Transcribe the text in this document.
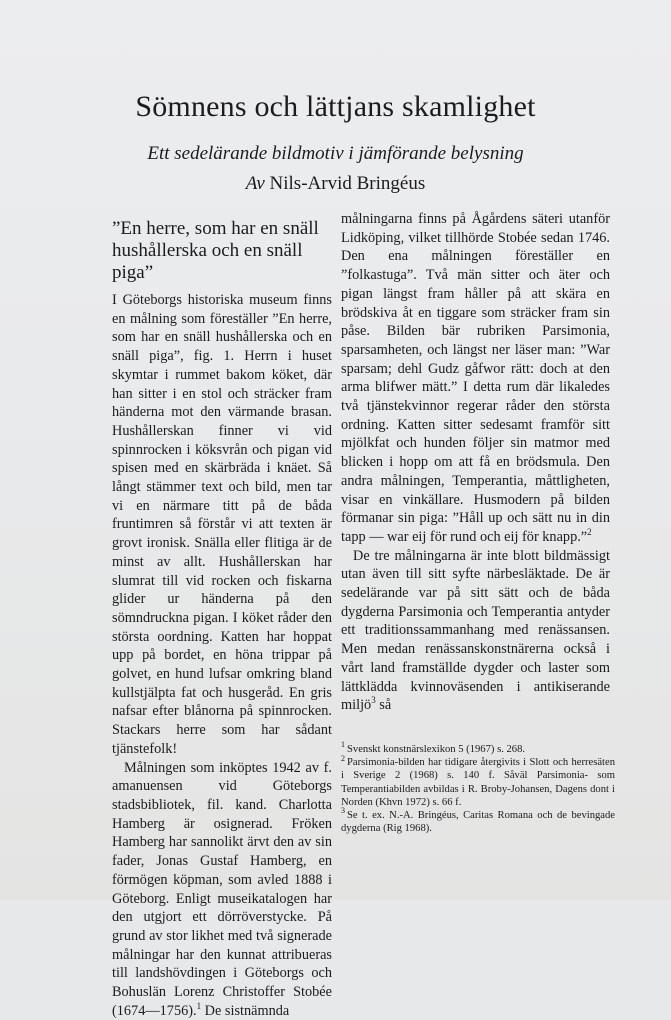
Sömnens och lättjans skamlighet
Ett sedelärande bildmotiv i jämförande belysning
Av Nils-Arvid Bringéus
”En herre, som har en snäll hushållerska och en snäll piga”

I Göteborgs historiska museum finns en målning som föreställer ”En herre, som har en snäll hushållerska och en snäll piga”, fig. 1. Herrn i huset skymtar i rummet bakom köket, där han sitter i en stol och sträcker fram händerna mot den värmande brasan. Hushållerskan finner vi vid spinnrocken i köksvrån och pigan vid spisen med en skärbräda i knäet. Så långt stämmer text och bild, men tar vi en närmare titt på de båda fruntimren så förstår vi att texten är grovt ironisk. Snälla eller flitiga är de minst av allt. Hushållerskan har slumrat till vid rocken och fiskarna glider ur händerna på den sömndruckna pigan. I köket råder den största oordning. Katten har hoppat upp på bordet, en höna trippar på golvet, en hund lufsar omkring bland kullstjälpta fat och husgeråd. En gris nafsar efter blånorna på spinnrocken. Stackars herre som har sådant tjänstefolk!

Målningen som inköptes 1942 av f. amanuensen vid Göteborgs stadsbibliotek, fil. kand. Charlotta Hamberg är osignerad. Fröken Hamberg har sannolikt ärvt den av sin fader, Jonas Gustaf Hamberg, en förmögen köpman, som avled 1888 i Göteborg. Enligt museikatalogen har den utgjort ett dörröverstycke. På grund av stor likhet med två signerade målningar har den kunnat attribueras till landshövdingen i Göteborgs och Bohuslän Lorenz Christoffer Stobée (1674—1756).$^1$ De sistnämnda

målningarna finns på Ågårdens säteri utanför Lidköping, vilket tillhörde Stobée sedan 1746. Den ena målningen föreställer en ”folkastuga”. Två män sitter och äter och pigan längst fram håller på att skära en brödskiva åt en tiggare som sträcker fram sin påse. Bilden bär rubriken Parsimonia, sparsamheten, och längst ner läser man: ”War sparsam; dehl Gudz gåfwor rätt: doch at den arma blifwer mätt.” I detta rum där likaledes två tjänstekvinnor regerar råder den största ordning. Katten sitter sedesamt framför sitt mjölkfat och hunden följer sin matmor med blicken i hopp om att få en brödsmula. Den andra målningen, Temperantia, måttligheten, visar en vinkällare. Husmodern på bilden förmanar sin piga: ”Håll up och sätt nu in din tapp — war eij för rund och eij för knapp.”$^2$

De tre målningarna är inte blott bildmässigt utan även till sitt syfte närbesläktade. De är sedelärande var på sitt sätt och de båda dygderna Parsimonia och Temperantia antyder ett traditionssammanhang med renässansen. Men medan renässanskonstnärerna också i vårt land framställde dygder och laster som lättklädda kvinnoväsenden i antikiserande miljö$^3$ så

$^1$ Svenskt konstnärslexikon 5 (1967) s. 268.

$^2$ Parsimonia-bilden har tidigare återgivits i Slott och herresäten i Sverige 2 (1968) s. 140 f. Såväl Parsimonia- som Temperantiabilden avbildas i R. Broby-Johansen, Dagens dont i Norden (Khvn 1972) s. 66 f.

$^3$ Se t. ex. N.-A. Bringéus, Caritas Romana och de bevingade dygderna (Rig 1968).
